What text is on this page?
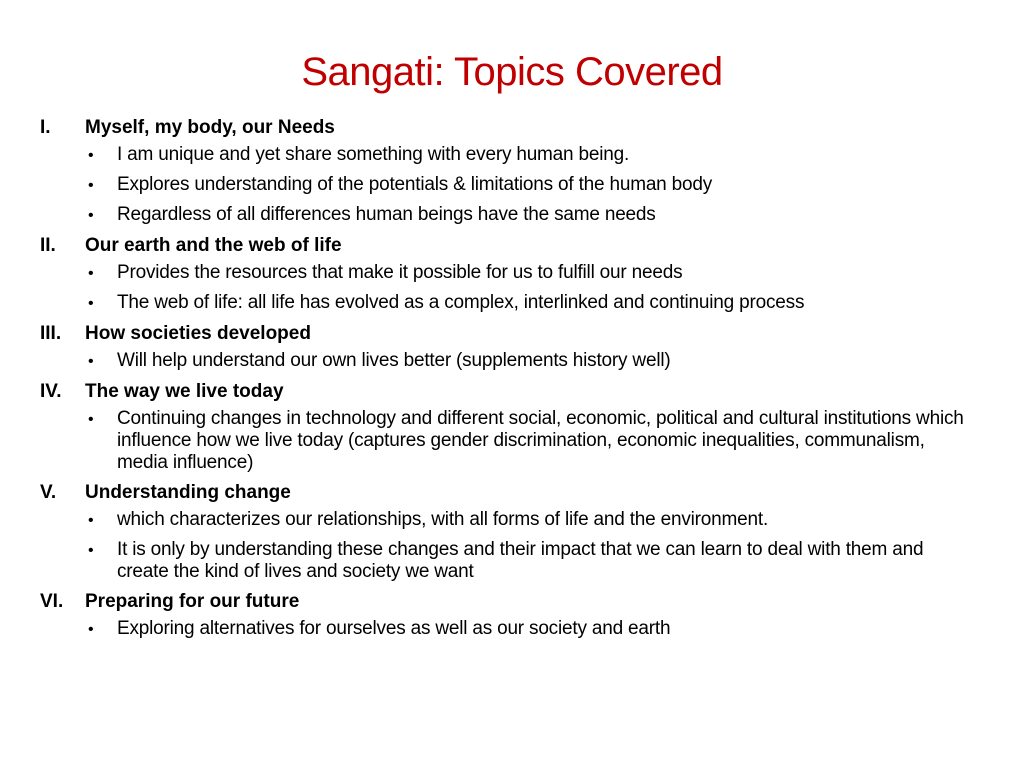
Sangati: Topics Covered
I.	Myself, my body, our Needs
•	I am unique and yet share something with every human being.
•	Explores understanding of the potentials & limitations of the human body
•	Regardless of all differences human beings have the same needs
II.	Our earth and the web of life
•	Provides the resources that make it possible for us to fulfill our needs
•	The web of life: all life has evolved as a complex, interlinked and continuing process
III.	How societies developed
•	Will help understand our own lives better (supplements history well)
IV.	The way we live today
•	Continuing changes in technology and different social, economic, political and cultural institutions which influence how we live today (captures gender discrimination, economic inequalities, communalism, media influence)
V.	Understanding change
•	which characterizes our relationships, with all forms of life and the environment.
•	It is only by understanding these changes and their impact that we can learn to deal with them and create the kind of lives and society we want
VI.	Preparing for our future
•	Exploring alternatives for ourselves as well as our society and earth
